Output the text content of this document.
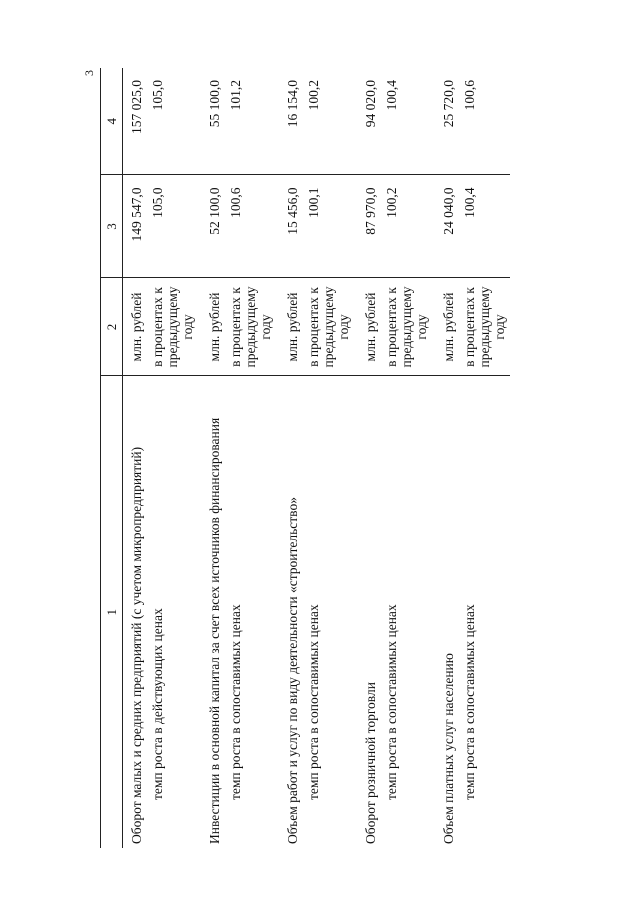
3
1	2	3	4
Оборот малых и средних предприятий (с учетом микропредприятий)	млн. рублей	149 547,0	157 025,0
темп роста в действующих ценах	в процентах к предыдущему году	105,0	105,0
Инвестиции в основной капитал за счет всех источников финансирования	млн. рублей	52 100,0	55 100,0
темп роста в сопоставимых ценах	в процентах к предыдущему году	100,6	101,2
Объем работ и услуг по виду деятельности «строительство»	млн. рублей	15 456,0	16 154,0
темп роста в сопоставимых ценах	в процентах к предыдущему году	100,1	100,2
Оборот розничной торговли	млн. рублей	87 970,0	94 020,0
темп роста в сопоставимых ценах	в процентах к предыдущему году	100,2	100,4
Объем платных услуг населению	млн. рублей	24 040,0	25 720,0
темп роста в сопоставимых ценах	в процентах к предыдущему году	100,4	100,6
